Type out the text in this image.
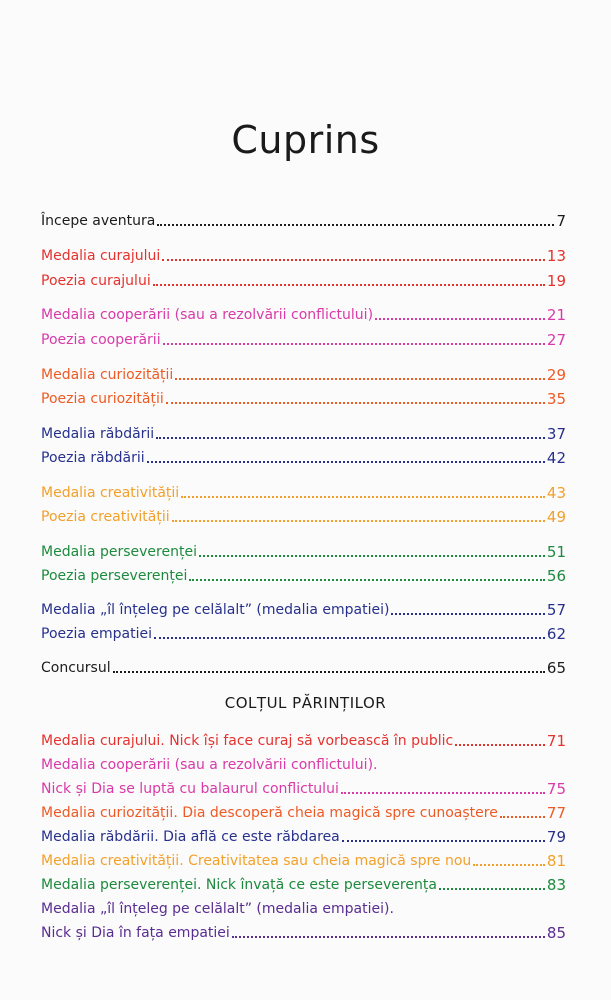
Cuprins
Începe aventura	7
Medalia curajului	13
Poezia curajului	19
Medalia cooperării (sau a rezolvării conflictului)	21
Poezia cooperării	27
Medalia curiozității	29
Poezia curiozității	35
Medalia răbdării	37
Poezia răbdării	42
Medalia creativității	43
Poezia creativității	49
Medalia perseverenței	51
Poezia perseverenței	56
Medalia „îl înțeleg pe celălalt” (medalia empatiei)	57
Poezia empatiei	62
Concursul	65
COLȚUL PĂRINȚILOR
Medalia curajului. Nick își face curaj să vorbească în public	71
Medalia cooperării (sau a rezolvării conflictului).
Nick și Dia se luptă cu balaurul conflictului	75
Medalia curiozității. Dia descoperă cheia magică spre cunoaștere	77
Medalia răbdării. Dia află ce este răbdarea	79
Medalia creativității. Creativitatea sau cheia magică spre nou	81
Medalia perseverenței. Nick învață ce este perseverența	83
Medalia „îl înțeleg pe celălalt” (medalia empatiei).
Nick și Dia în fața empatiei	85
